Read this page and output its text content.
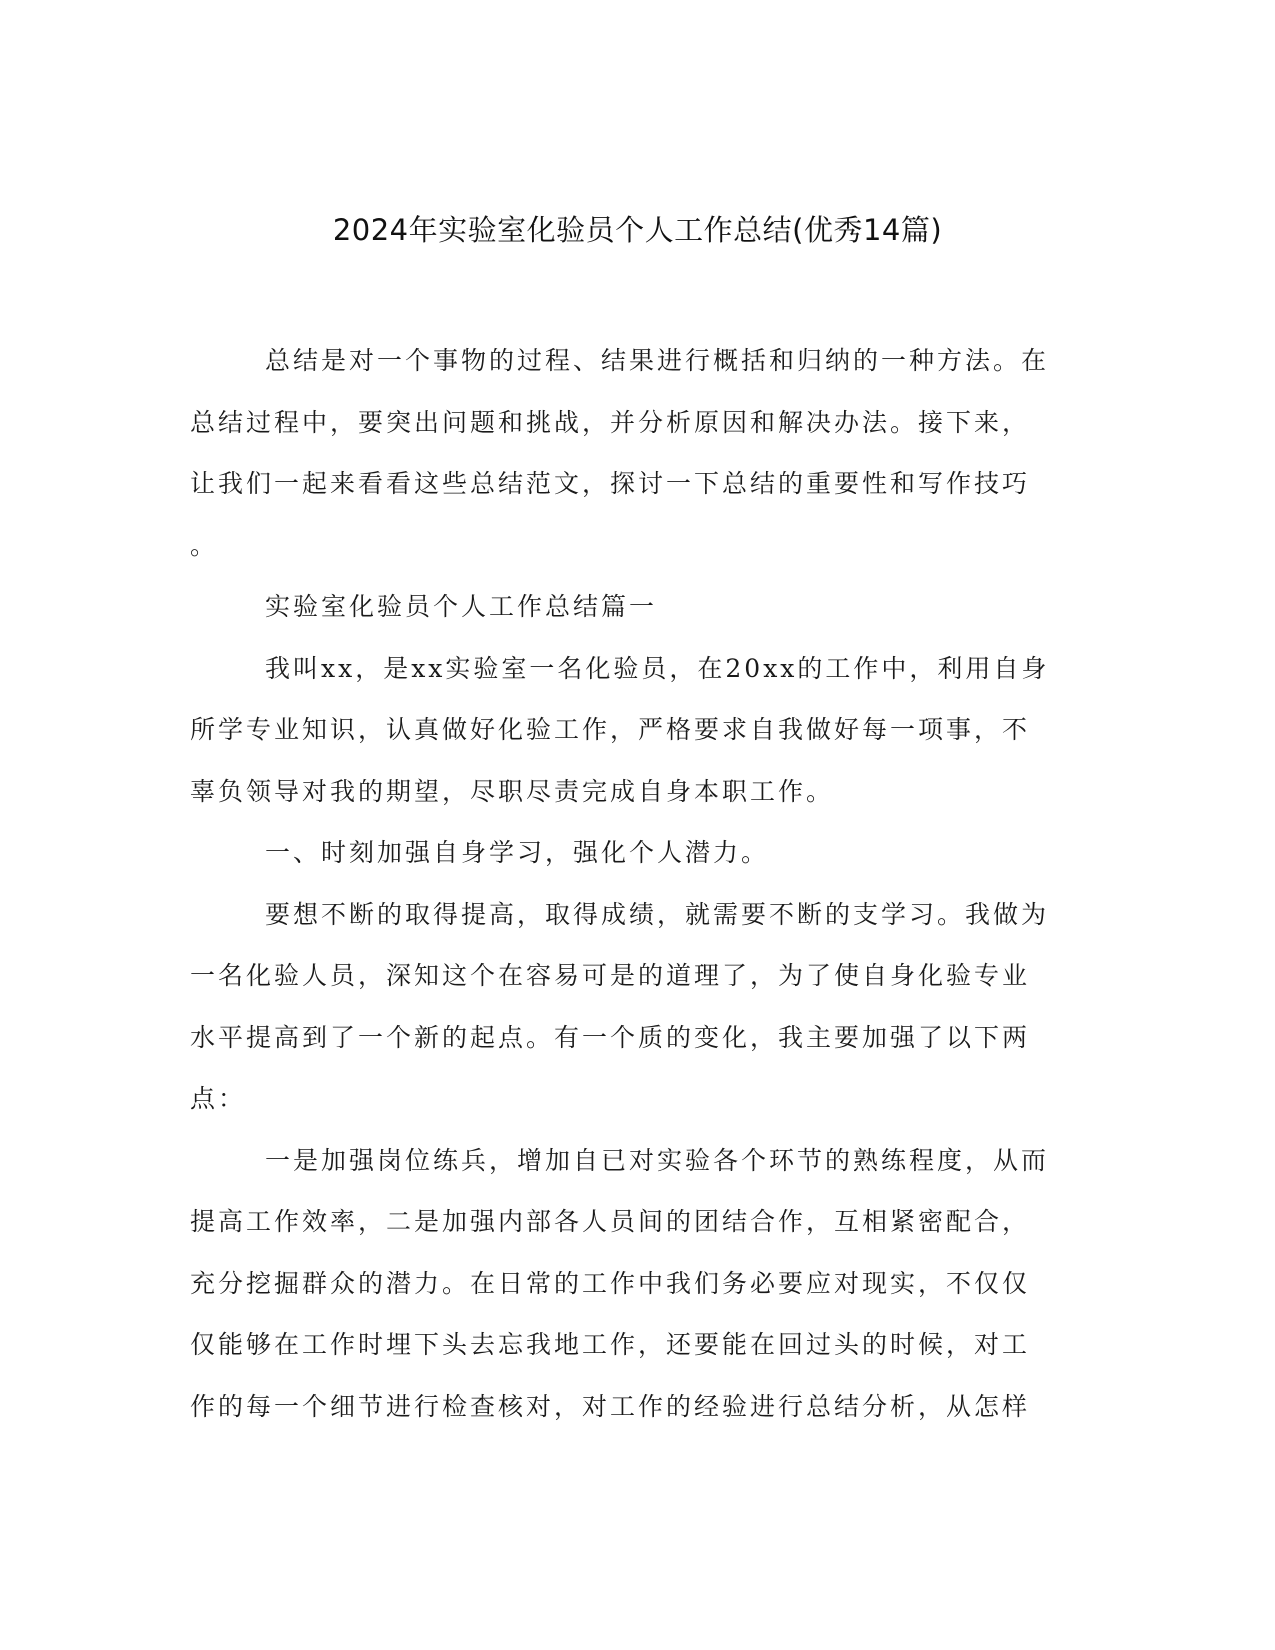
2024年实验室化验员个人工作总结(优秀14篇)

总结是对一个事物的过程、结果进行概括和归纳的一种方法。在
总结过程中，要突出问题和挑战，并分析原因和解决办法。接下来，
让我们一起来看看这些总结范文，探讨一下总结的重要性和写作技巧
。

实验室化验员个人工作总结篇一

我叫xx，是xx实验室一名化验员，在20xx的工作中，利用自身
所学专业知识，认真做好化验工作，严格要求自我做好每一项事，不
辜负领导对我的期望，尽职尽责完成自身本职工作。

一、时刻加强自身学习，强化个人潜力。

要想不断的取得提高，取得成绩，就需要不断的支学习。我做为
一名化验人员，深知这个在容易可是的道理了，为了使自身化验专业
水平提高到了一个新的起点。有一个质的变化，我主要加强了以下两
点：

一是加强岗位练兵，增加自已对实验各个环节的熟练程度，从而
提高工作效率，二是加强内部各人员间的团结合作，互相紧密配合，
充分挖掘群众的潜力。在日常的工作中我们务必要应对现实，不仅仅
仅能够在工作时埋下头去忘我地工作，还要能在回过头的时候，对工
作的每一个细节进行检查核对，对工作的经验进行总结分析，从怎样
